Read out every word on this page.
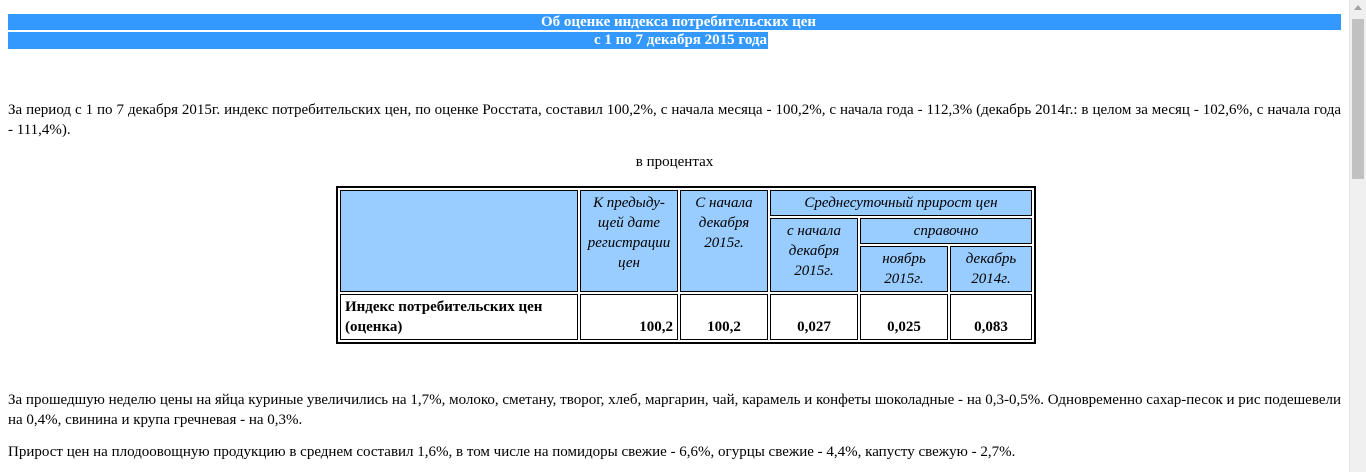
Об оценке индекса потребительских цен
с 1 по 7 декабря 2015 года
За период с 1 по 7 декабря 2015г. индекс потребительских цен, по оценке Росстата, составил 100,2%, с начала месяца - 100,2%, с начала года - 112,3% (декабрь 2014г.: в целом за месяц - 102,6%, с начала года - 111,4%).
в процентах
	К предыду-щей дате регистрации цен	С начала декабря 2015г.	Среднесуточный прирост цен		
			с начала декабря 2015г.	справочно	
				ноябрь 2015г.	декабрь 2014г.
Индекс потребительских цен (оценка)	100,2	100,2	0,027	0,025	0,083
За прошедшую неделю цены на яйца куриные увеличились на 1,7%, молоко, сметану, творог, хлеб, маргарин, чай, карамель и конфеты шоколадные - на 0,3-0,5%. Одновременно сахар-песок и рис подешевели на 0,4%, свинина и крупа гречневая - на 0,3%.
Прирост цен на плодоовощную продукцию в среднем составил 1,6%, в том числе на помидоры свежие - 6,6%, огурцы свежие - 4,4%, капусту свежую - 2,7%.
